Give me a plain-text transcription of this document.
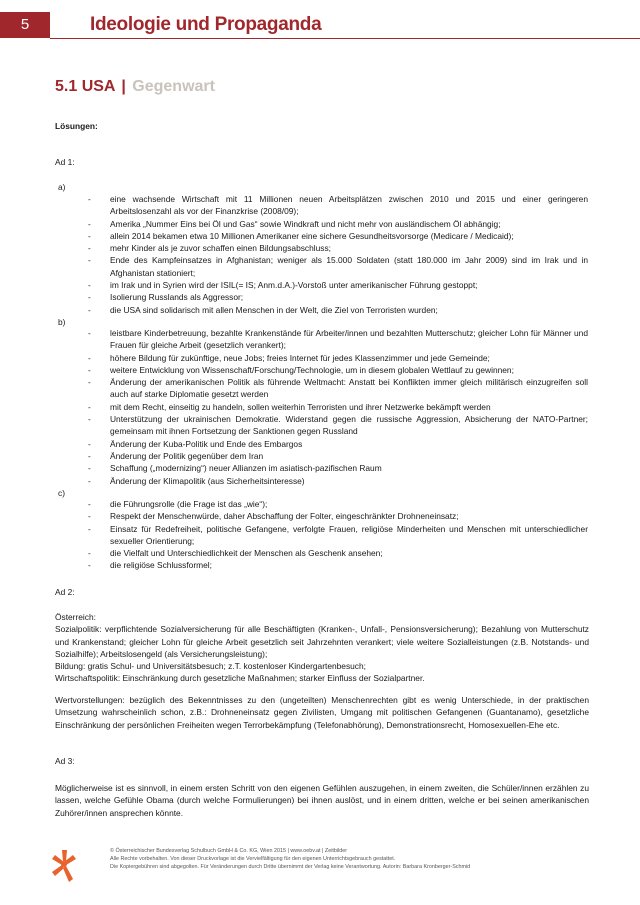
5	Ideologie und Propaganda
5.1 USA | Gegenwart
Lösungen:
Ad 1:
a)
- eine wachsende Wirtschaft mit 11 Millionen neuen Arbeitsplätzen zwischen 2010 und 2015 und einer geringeren Arbeitslosenzahl als vor der Finanzkrise (2008/09);
- Amerika „Nummer Eins bei Öl und Gas“ sowie Windkraft und nicht mehr von ausländischem Öl abhängig;
- allein 2014 bekamen etwa 10 Millionen Amerikaner eine sichere Gesundheitsvorsorge (Medicare / Medicaid);
- mehr Kinder als je zuvor schaffen einen Bildungsabschluss;
- Ende des Kampfeinsatzes in Afghanistan; weniger als 15.000 Soldaten (statt 180.000 im Jahr 2009) sind im Irak und in Afghanistan stationiert;
- im Irak und in Syrien wird der ISIL(= IS; Anm.d.A.)-Vorstoß unter amerikanischer Führung gestoppt;
- Isolierung Russlands als Aggressor;
- die USA sind solidarisch mit allen Menschen in der Welt, die Ziel von Terroristen wurden;
b)
- leistbare Kinderbetreuung, bezahlte Krankenstände für Arbeiter/innen und bezahlten Mutterschutz; gleicher Lohn für Männer und Frauen für gleiche Arbeit (gesetzlich verankert);
- höhere Bildung für zukünftige, neue Jobs; freies Internet für jedes Klassenzimmer und jede Gemeinde;
- weitere Entwicklung von Wissenschaft/Forschung/Technologie, um in diesem globalen Wettlauf zu gewinnen;
- Änderung der amerikanischen Politik als führende Weltmacht: Anstatt bei Konflikten immer gleich militärisch einzugreifen soll auch auf starke Diplomatie gesetzt werden
- mit dem Recht, einseitig zu handeln, sollen weiterhin Terroristen und ihrer Netzwerke bekämpft werden
- Unterstützung der ukrainischen Demokratie. Widerstand gegen die russische Aggression, Absicherung der NATO-Partner; gemeinsam mit ihnen Fortsetzung der Sanktionen gegen Russland
- Änderung der Kuba-Politik und Ende des Embargos
- Änderung der Politik gegenüber dem Iran
- Schaffung („modernizing“) neuer Allianzen im asiatisch-pazifischen Raum
- Änderung der Klimapolitik (aus Sicherheitsinteresse)
c)
- die Führungsrolle (die Frage ist das „wie“);
- Respekt der Menschenwürde, daher Abschaffung der Folter, eingeschränkter Drohneneinsatz;
- Einsatz für Redefreiheit, politische Gefangene, verfolgte Frauen, religiöse Minderheiten und Menschen mit unterschiedlicher sexueller Orientierung;
- die Vielfalt und Unterschiedlichkeit der Menschen als Geschenk ansehen;
- die religiöse Schlussformel;
Ad 2:

Österreich:

Sozialpolitik: verpflichtende Sozialversicherung für alle Beschäftigten (Kranken-, Unfall-, Pensionsversicherung); Bezahlung von Mutterschutz und Krankenstand; gleicher Lohn für gleiche Arbeit gesetzlich seit Jahrzehnten verankert; viele weitere Sozialleistungen (z.B. Notstands- und Sozialhilfe); Arbeitslosengeld (als Versicherungsleistung);

Bildung: gratis Schul- und Universitätsbesuch; z.T. kostenloser Kindergartenbesuch;

Wirtschaftspolitik: Einschränkung durch gesetzliche Maßnahmen; starker Einfluss der Sozialpartner.

Wertvorstellungen: bezüglich des Bekenntnisses zu den (ungeteilten) Menschenrechten gibt es wenig Unterschiede, in der praktischen Umsetzung wahrscheinlich schon, z.B.: Drohneneinsatz gegen Zivilisten, Umgang mit politischen Gefangenen (Guantanamo), gesetzliche Einschränkung der persönlichen Freiheiten wegen Terrorbekämpfung (Telefonabhörung), Demonstrationsrecht, Homosexuellen-Ehe etc.
Ad 3:
Möglicherweise ist es sinnvoll, in einem ersten Schritt von den eigenen Gefühlen auszugehen, in einem zweiten, die Schüler/innen erzählen zu lassen, welche Gefühle Obama (durch welche Formulierungen) bei ihnen auslöst, und in einem dritten, welche er bei seinen amerikanischen Zuhörer/innen ansprechen könnte.

© Österreichischer Bundesverlag Schulbuch GmbH & Co. KG, Wien 2015 | www.oebv.at | Zeitbilder

Alle Rechte vorbehalten. Von dieser Druckvorlage ist die Vervielfältigung für den eigenen Unterrichtsgebrauch gestattet.

Die Kopiergebühren sind abgegolten. Für Veränderungen durch Dritte übernimmt der Verlag keine Verantwortung. Autorin: Barbara Kronberger-Schmid
